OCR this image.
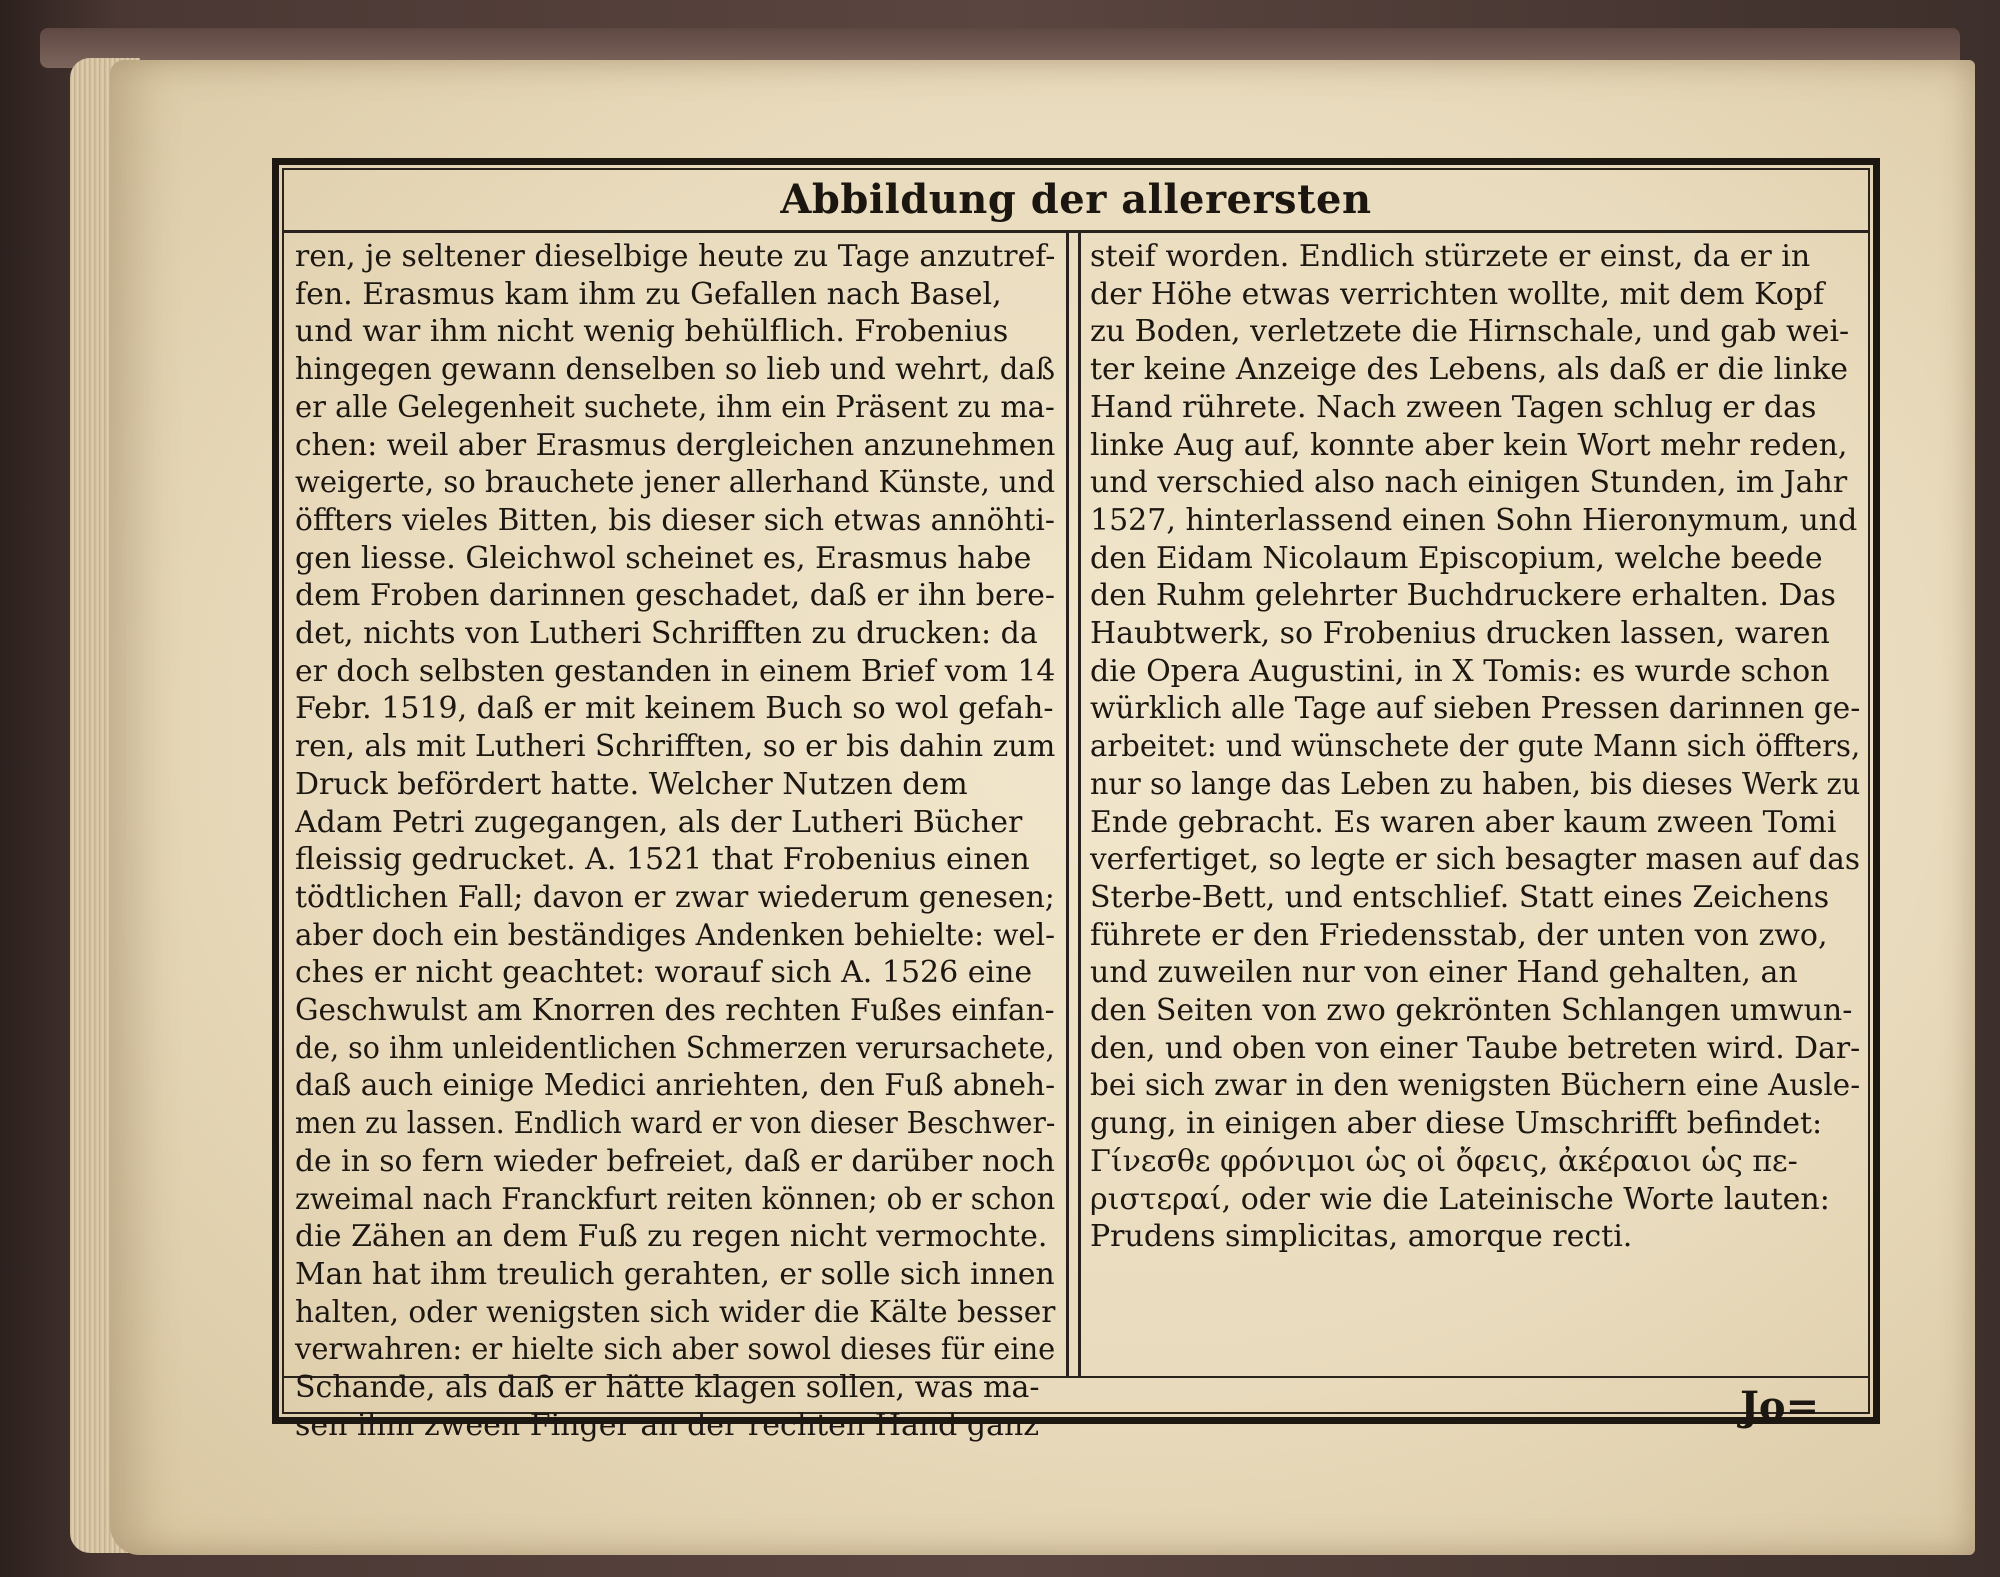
Abbildung der allerersten
ren, je seltener dieselbige heute zu Tage anzutref-
fen. Erasmus kam ihm zu Gefallen nach Basel,
und war ihm nicht wenig behülflich. Frobenius
hingegen gewann denselben so lieb und wehrt, daß
er alle Gelegenheit suchete, ihm ein Präsent zu ma-
chen: weil aber Erasmus dergleichen anzunehmen
weigerte, so brauchete jener allerhand Künste, und
öffters vieles Bitten, bis dieser sich etwas annöhti-
gen liesse. Gleichwol scheinet es, Erasmus habe
dem Froben darinnen geschadet, daß er ihn bere-
det, nichts von Lutheri Schrifften zu drucken: da
er doch selbsten gestanden in einem Brief vom 14
Febr. 1519, daß er mit keinem Buch so wol gefah-
ren, als mit Lutheri Schrifften, so er bis dahin zum
Druck befördert hatte. Welcher Nutzen dem
Adam Petri zugegangen, als der Lutheri Bücher
fleissig gedrucket. A. 1521 that Frobenius einen
tödtlichen Fall; davon er zwar wiederum genesen;
aber doch ein beständiges Andenken behielte: wel-
ches er nicht geachtet: worauf sich A. 1526 eine
Geschwulst am Knorren des rechten Fußes einfan-
de, so ihm unleidentlichen Schmerzen verursachete,
daß auch einige Medici anriehten, den Fuß abneh-
men zu lassen. Endlich ward er von dieser Beschwer-
de in so fern wieder befreiet, daß er darüber noch
zweimal nach Franckfurt reiten können; ob er schon
die Zähen an dem Fuß zu regen nicht vermochte.
Man hat ihm treulich gerahten, er solle sich innen
halten, oder wenigsten sich wider die Kälte besser
verwahren: er hielte sich aber sowol dieses für eine
Schande, als daß er hätte klagen sollen, was ma-
sen ihm zween Finger an der rechten Hand ganz
steif worden. Endlich stürzete er einst, da er in
der Höhe etwas verrichten wollte, mit dem Kopf
zu Boden, verletzete die Hirnschale, und gab wei-
ter keine Anzeige des Lebens, als daß er die linke
Hand rührete. Nach zween Tagen schlug er das
linke Aug auf, konnte aber kein Wort mehr reden,
und verschied also nach einigen Stunden, im Jahr
1527, hinterlassend einen Sohn Hieronymum, und
den Eidam Nicolaum Episcopium, welche beede
den Ruhm gelehrter Buchdruckere erhalten. Das
Haubtwerk, so Frobenius drucken lassen, waren
die Opera Augustini, in X Tomis: es wurde schon
würklich alle Tage auf sieben Pressen darinnen ge-
arbeitet: und wünschete der gute Mann sich öffters,
nur so lange das Leben zu haben, bis dieses Werk zu
Ende gebracht. Es waren aber kaum zween Tomi
verfertiget, so legte er sich besagter masen auf das
Sterbe-Bett, und entschlief. Statt eines Zeichens
führete er den Friedensstab, der unten von zwo,
und zuweilen nur von einer Hand gehalten, an
den Seiten von zwo gekrönten Schlangen umwun-
den, und oben von einer Taube betreten wird. Dar-
bei sich zwar in den wenigsten Büchern eine Ausle-
gung, in einigen aber diese Umschrifft befindet:
Γίνεσθε φρόνιμοι ὡς οἱ ὄφεις, ἀκέραιοι ὡς πε-
ριστεραί, oder wie die Lateinische Worte lauten:
Prudens simplicitas, amorque recti.
Jo=
